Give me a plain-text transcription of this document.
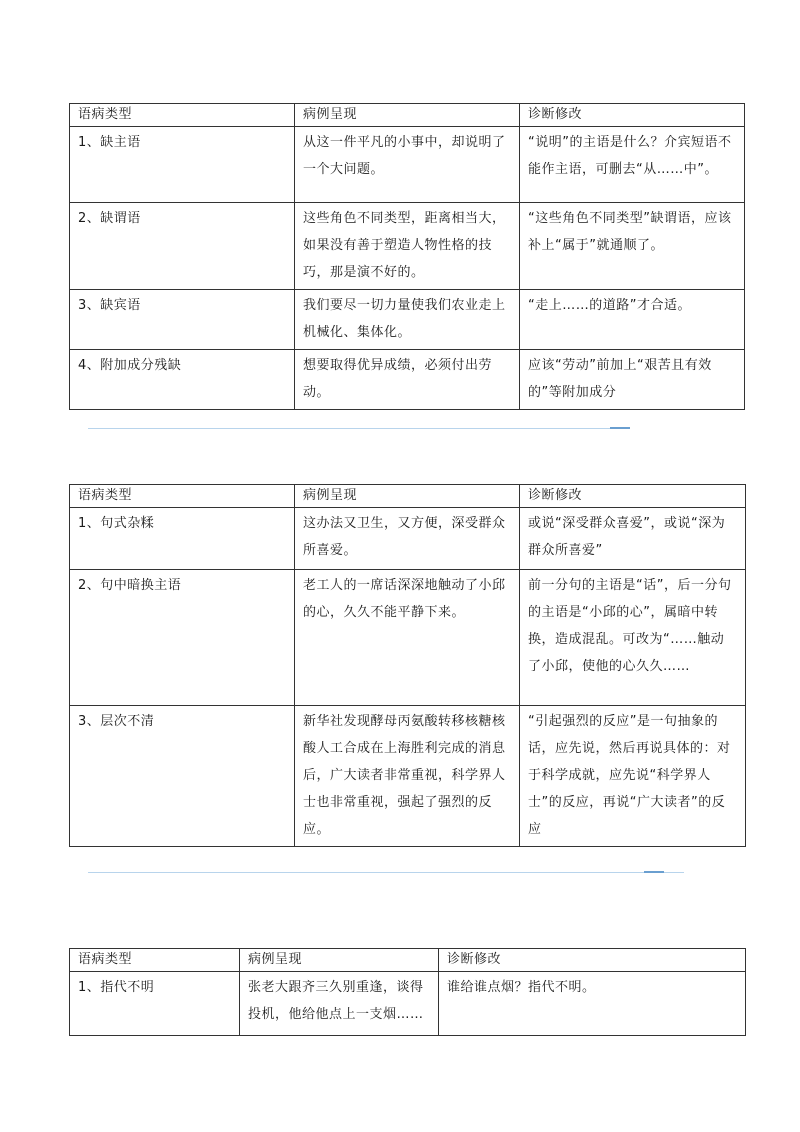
语病类型	病例呈现	诊断修改
1、缺主语	从这一件平凡的小事中，却说明了一个大问题。	“说明”的主语是什么？介宾短语不能作主语，可删去“从……中”。
2、缺谓语	这些角色不同类型，距离相当大，如果没有善于塑造人物性格的技巧，那是演不好的。	“这些角色不同类型”缺谓语，应该补上“属于”就通顺了。
3、缺宾语	我们要尽一切力量使我们农业走上机械化、集体化。	“走上……的道路”才合适。
4、附加成分残缺	想要取得优异成绩，必须付出劳动。	应该“劳动”前加上“艰苦且有效的”等附加成分
语病类型	病例呈现	诊断修改
1、句式杂糅	这办法又卫生，又方便，深受群众所喜爱。	或说“深受群众喜爱”，或说“深为群众所喜爱”
2、句中暗换主语	老工人的一席话深深地触动了小邱的心，久久不能平静下来。	前一分句的主语是“话”，后一分句的主语是“小邱的心”，属暗中转换，造成混乱。可改为“……触动了小邱，使他的心久久……
3、层次不清	新华社发现酵母丙氨酸转移核糖核酸人工合成在上海胜利完成的消息后，广大读者非常重视，科学界人士也非常重视，强起了强烈的反应。	“引起强烈的反应”是一句抽象的话，应先说，然后再说具体的：对于科学成就，应先说“科学界人士”的反应，再说“广大读者”的反应
语病类型	病例呈现	诊断修改
1、指代不明	张老大跟齐三久别重逢，谈得投机，他给他点上一支烟……	谁给谁点烟？指代不明。
